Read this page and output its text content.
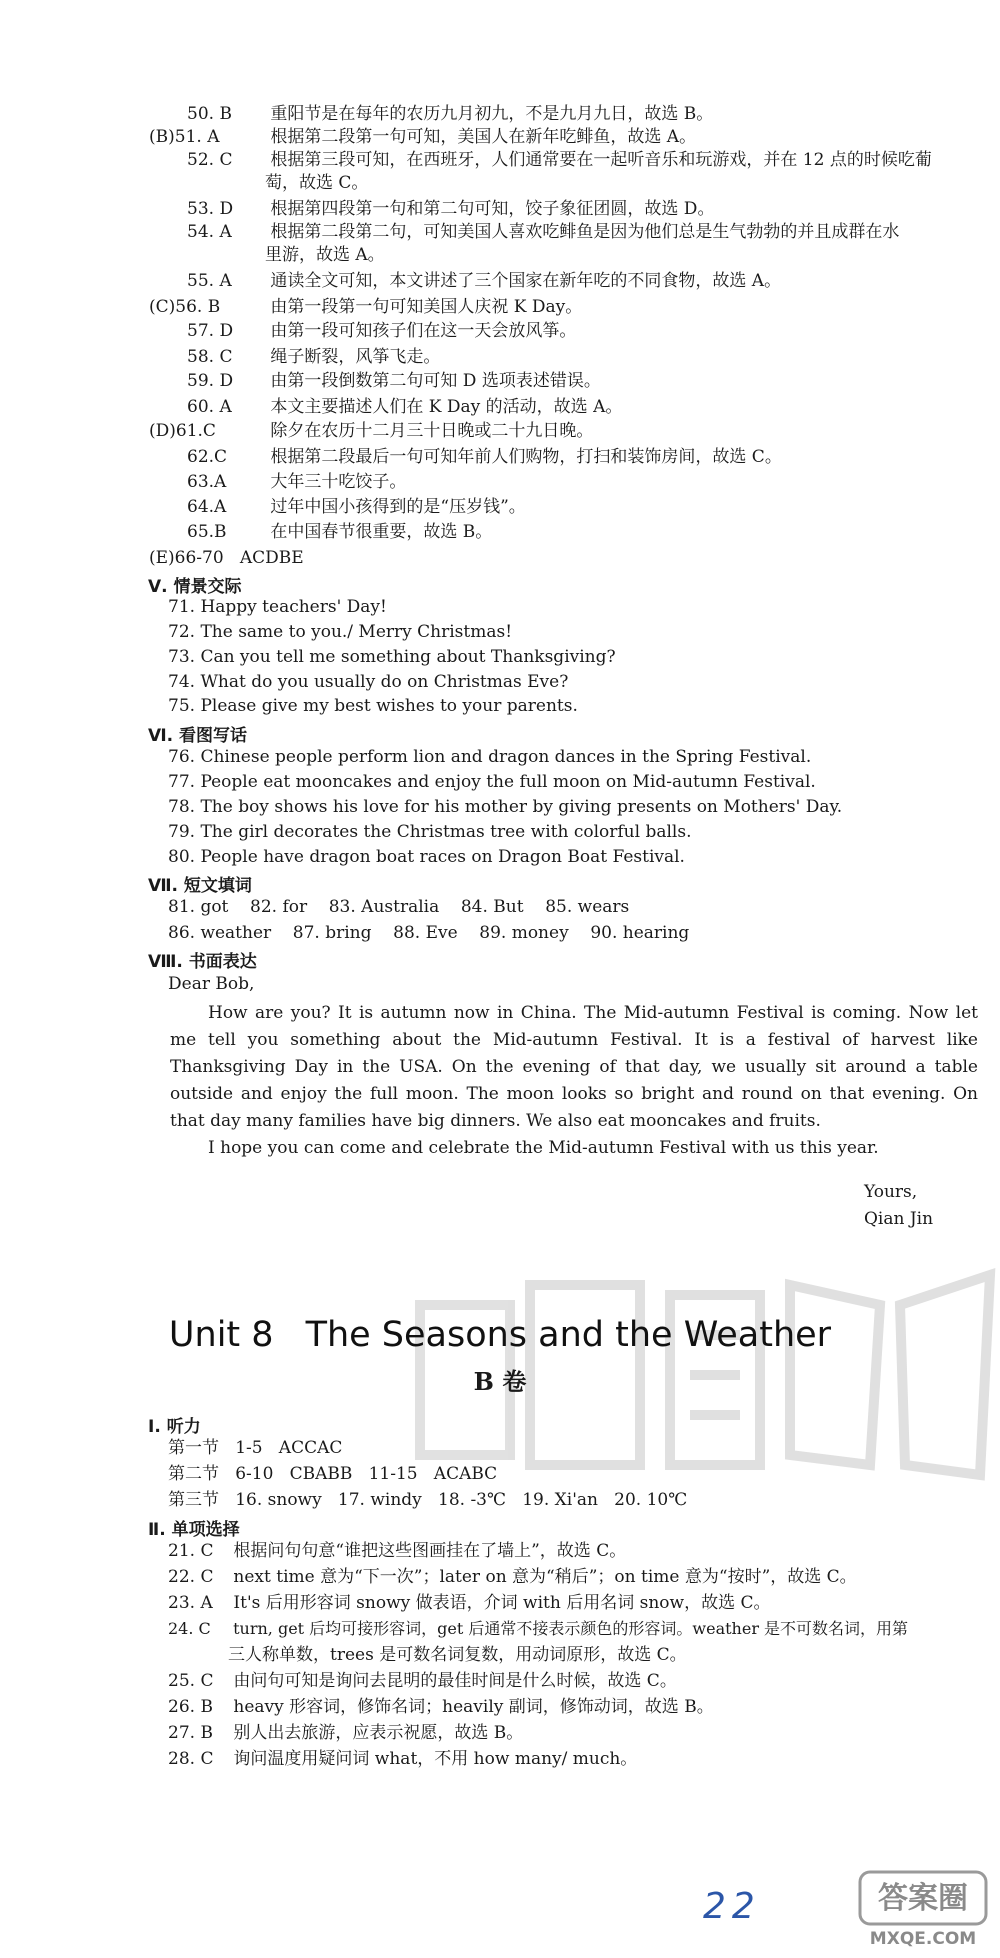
50. B 重阳节是在每年的农历九月初九，不是九月九日，故选 B。
(B)51. A	根据第二段第一句可知，美国人在新年吃鲱鱼，故选 A。
52. C 根据第三段可知，在西班牙，人们通常要在一起听音乐和玩游戏，并在 12 点的时候吃葡
萄，故选 C。
53. D 根据第四段第一句和第二句可知，饺子象征团圆，故选 D。
54. A 根据第二段第二句，可知美国人喜欢吃鲱鱼是因为他们总是生气勃勃的并且成群在水
里游，故选 A。
55. A 通读全文可知，本文讲述了三个国家在新年吃的不同食物，故选 A。
(C)56. B	由第一段第一句可知美国人庆祝 K Day。
57. D 由第一段可知孩子们在这一天会放风筝。
58. C 绳子断裂，风筝飞走。
59. D 由第一段倒数第二句可知 D 选项表述错误。
60. A 本文主要描述人们在 K Day 的活动，故选 A。
(D)61.C	除夕在农历十二月三十日晚或二十九日晚。
62.C	根据第二段最后一句可知年前人们购物，打扫和装饰房间，故选 C。
63.A	大年三十吃饺子。
64.A	过年中国小孩得到的是“压岁钱”。
65.B	在中国春节很重要，故选 B。
(E)66-70   ACDBE
Ⅴ. 情景交际
71. Happy teachers' Day!
72. The same to you./ Merry Christmas!
73. Can you tell me something about Thanksgiving?
74. What do you usually do on Christmas Eve?
75. Please give my best wishes to your parents.
Ⅵ. 看图写话
76. Chinese people perform lion and dragon dances in the Spring Festival.
77. People eat mooncakes and enjoy the full moon on Mid-autumn Festival.
78. The boy shows his love for his mother by giving presents on Mothers' Day.
79. The girl decorates the Christmas tree with colorful balls.
80. People have dragon boat races on Dragon Boat Festival.
Ⅶ. 短文填词
81. got 82. for 83. Australia 84. But 85. wears
86. weather 87. bring 88. Eve 89. money 90. hearing
Ⅷ. 书面表达
Dear Bob,
How are you? It is autumn now in China. The Mid-autumn Festival is coming. Now let me tell you something about the Mid-autumn Festival. It is a festival of harvest like Thanksgiving Day in the USA. On the evening of that day, we usually sit around a table outside and enjoy the full moon. The moon looks so bright and round on that evening. On that day many families have big dinners. We also eat mooncakes and fruits.
I hope you can come and celebrate the Mid-autumn Festival with us this year.
Yours,
Qian Jin
Unit 8 The Seasons and the Weather
B 卷
Ⅰ. 听力
第一节   1-5   ACCAC
第二节   6-10   CBABB   11-15   ACABC
第三节   16. snowy   17. windy   18. -3℃   19. Xi'an   20. 10℃
Ⅱ. 单项选择
21. C 根据问句句意“谁把这些图画挂在了墙上”，故选 C。
22. C next time 意为“下一次”；later on 意为“稍后”；on time 意为“按时”，故选 C。
23. A It's 后用形容词 snowy 做表语，介词 with 后用名词 snow，故选 C。
24. C turn, get 后均可接形容词，get 后通常不接表示颜色的形容词。weather 是不可数名词，用第
三人称单数，trees 是可数名词复数，用动词原形，故选 C。
25. C 由问句可知是询问去昆明的最佳时间是什么时候，故选 C。
26. B heavy 形容词，修饰名词；heavily 副词，修饰动词，故选 B。
27. B 别人出去旅游，应表示祝愿，故选 B。
28. C 询问温度用疑问词 what，不用 how many/ much。
22	答案圈
MXQE.COM
